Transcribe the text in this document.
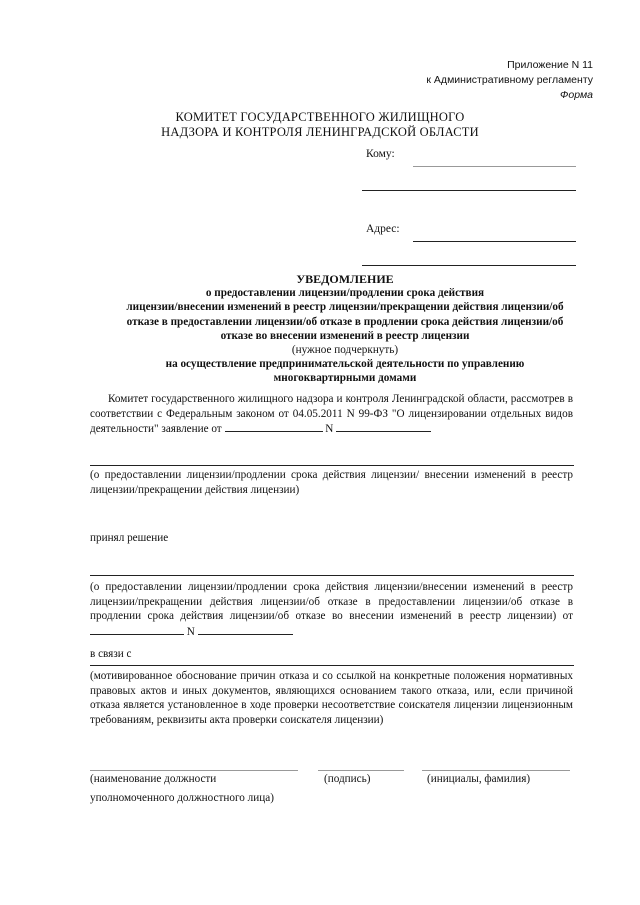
Приложение N 11
к Административному регламенту
Форма
КОМИТЕТ ГОСУДАРСТВЕННОГО ЖИЛИЩНОГО
НАДЗОРА И КОНТРОЛЯ ЛЕНИНГРАДСКОЙ ОБЛАСТИ
Кому:
Адрес:
УВЕДОМЛЕНИЕ
о предоставлении лицензии/продлении срока действия
лицензии/внесении изменений в реестр лицензии/прекращении действия лицензии/об
отказе в предоставлении лицензии/об отказе в продлении срока действия лицензии/об
отказе во внесении изменений в реестр лицензии
(нужное подчеркнуть)
на осуществление предпринимательской деятельности по управлению
многоквартирными домами
Комитет государственного жилищного надзора и контроля Ленинградской области, рассмотрев в соответствии с Федеральным законом от 04.05.2011 N 99-ФЗ "О лицензировании отдельных видов деятельности" заявление от	N
(о предоставлении лицензии/продлении срока действия лицензии/ внесении изменений в реестр лицензии/прекращении действия лицензии)
принял решение
(о предоставлении лицензии/продлении срока действия лицензии/внесении изменений в реестр лицензии/прекращении действия лицензии/об отказе в предоставлении лицензии/об отказе в продлении срока действия лицензии/об отказе во внесении изменений в реестр лицензии) от  N
в связи с
(мотивированное обоснование причин отказа и со ссылкой на конкретные положения нормативных правовых актов и иных документов, являющихся основанием такого отказа, или, если причиной отказа является установленное в ходе проверки несоответствие соискателя лицензии лицензионным требованиям, реквизиты акта проверки соискателя лицензии)
(наименование должности
уполномоченного должностного лица)
(подпись)	(инициалы, фамилия)
